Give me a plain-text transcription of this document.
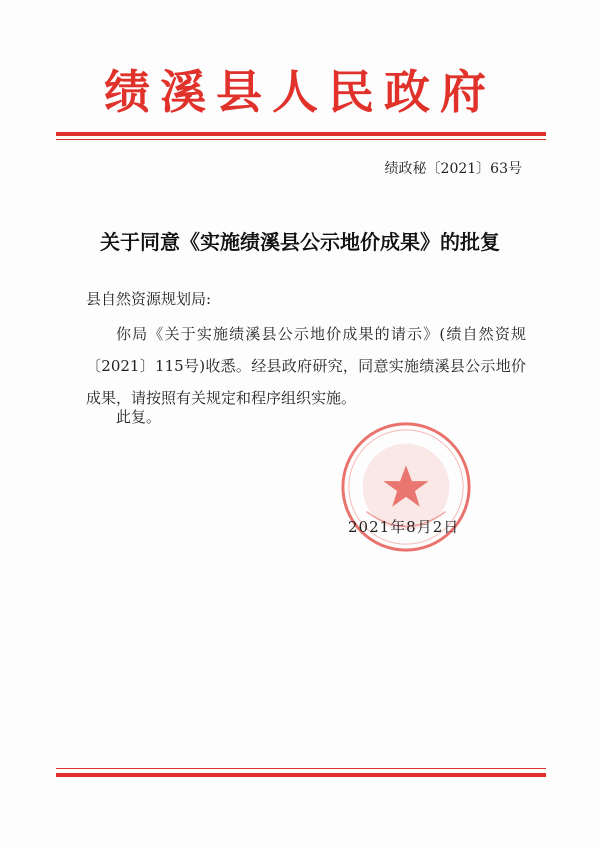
绩溪县人民政府
绩政秘〔2021〕63号
关于同意《实施绩溪县公示地价成果》的批复
县自然资源规划局:
你局《关于实施绩溪县公示地价成果的请示》(绩自然资规〔2021〕115号)收悉。经县政府研究，同意实施绩溪县公示地价成果，请按照有关规定和程序组织实施。
此复。
2021年8月2日
